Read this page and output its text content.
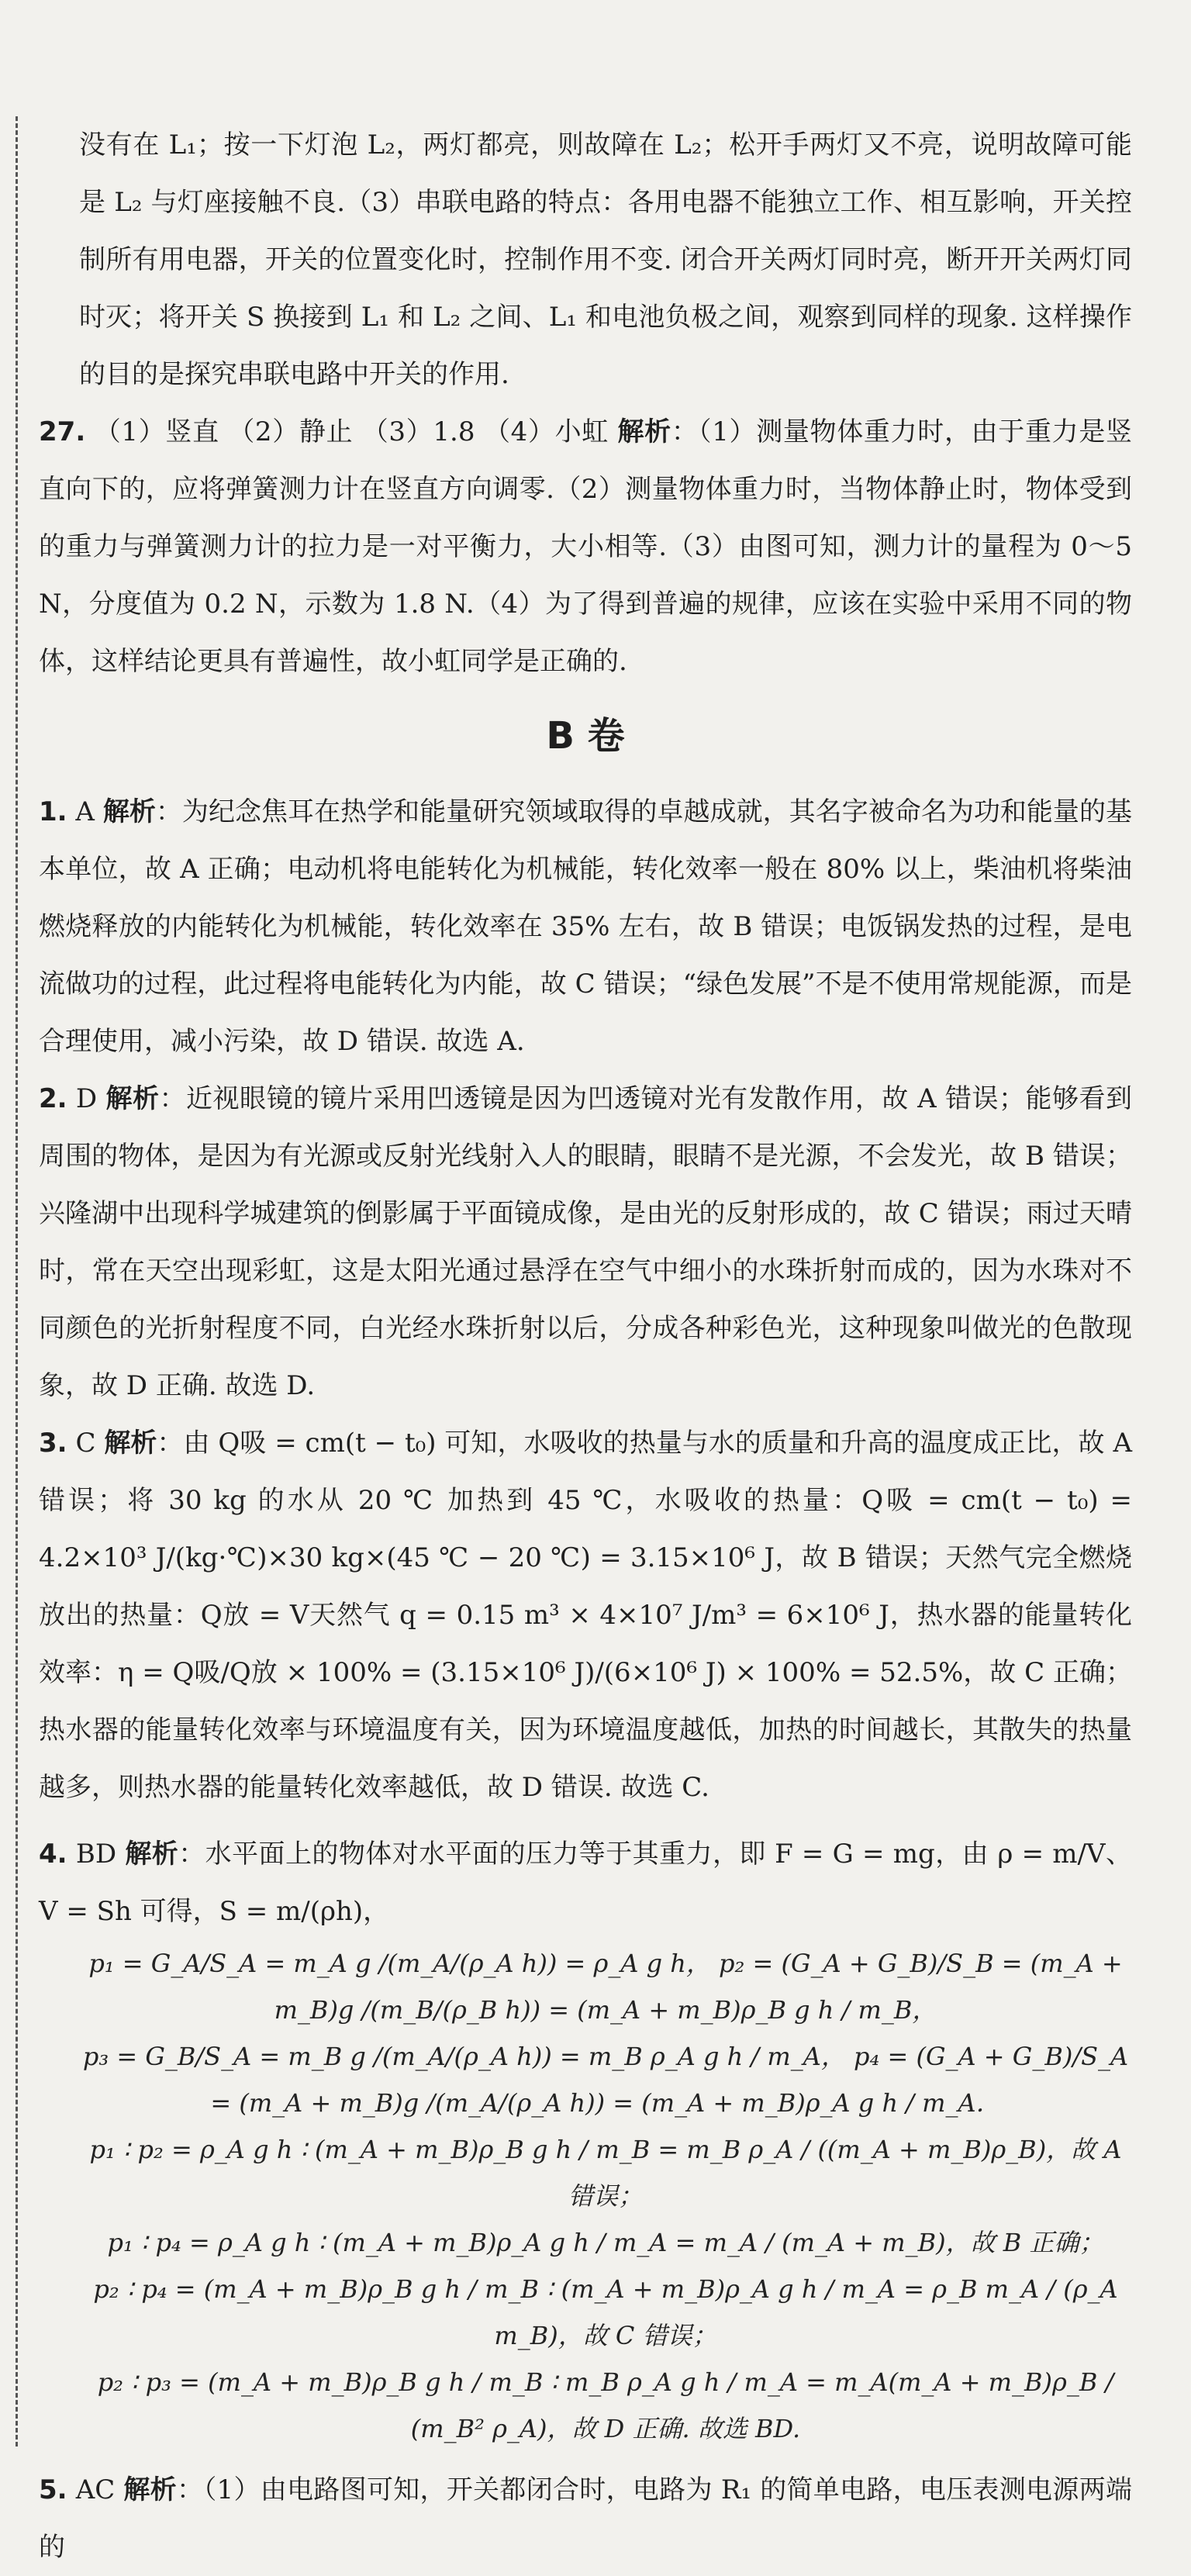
没有在 L₁；按一下灯泡 L₂，两灯都亮，则故障在 L₂；松开手两灯又不亮，说明故障可能是 L₂ 与灯座接触不良.（3）串联电路的特点：各用电器不能独立工作、相互影响，开关控制所有用电器，开关的位置变化时，控制作用不变. 闭合开关两灯同时亮，断开开关两灯同时灭；将开关 S 换接到 L₁ 和 L₂ 之间、L₁ 和电池负极之间，观察到同样的现象. 这样操作的目的是探究串联电路中开关的作用.

27. （1）竖直 （2）静止 （3）1.8 （4）小虹 解析：（1）测量物体重力时，由于重力是竖直向下的，应将弹簧测力计在竖直方向调零.（2）测量物体重力时，当物体静止时，物体受到的重力与弹簧测力计的拉力是一对平衡力，大小相等.（3）由图可知，测力计的量程为 0～5 N，分度值为 0.2 N，示数为 1.8 N.（4）为了得到普遍的规律，应该在实验中采用不同的物体，这样结论更具有普遍性，故小虹同学是正确的.

B 卷

1. A 解析：为纪念焦耳在热学和能量研究领域取得的卓越成就，其名字被命名为功和能量的基本单位，故 A 正确；电动机将电能转化为机械能，转化效率一般在 80% 以上，柴油机将柴油燃烧释放的内能转化为机械能，转化效率在 35% 左右，故 B 错误；电饭锅发热的过程，是电流做功的过程，此过程将电能转化为内能，故 C 错误；“绿色发展”不是不使用常规能源，而是合理使用，减小污染，故 D 错误. 故选 A.

2. D 解析：近视眼镜的镜片采用凹透镜是因为凹透镜对光有发散作用，故 A 错误；能够看到周围的物体，是因为有光源或反射光线射入人的眼睛，眼睛不是光源，不会发光，故 B 错误；兴隆湖中出现科学城建筑的倒影属于平面镜成像，是由光的反射形成的，故 C 错误；雨过天晴时，常在天空出现彩虹，这是太阳光通过悬浮在空气中细小的水珠折射而成的，因为水珠对不同颜色的光折射程度不同，白光经水珠折射以后，分成各种彩色光，这种现象叫做光的色散现象，故 D 正确. 故选 D.

3. C 解析：由 Q吸 = cm(t − t₀) 可知，水吸收的热量与水的质量和升高的温度成正比，故 A 错误；将 30 kg 的水从 20 ℃ 加热到 45 ℃，水吸收的热量：Q吸 = cm(t − t₀) = 4.2×10³ J/(kg·℃)×30 kg×(45 ℃ − 20 ℃) = 3.15×10⁶ J，故 B 错误；天然气完全燃烧放出的热量：Q放 = V天然气 q = 0.15 m³ × 4×10⁷ J/m³ = 6×10⁶ J，热水器的能量转化效率：η = Q吸/Q放 × 100% = (3.15×10⁶ J)/(6×10⁶ J) × 100% = 52.5%，故 C 正确；热水器的能量转化效率与环境温度有关，因为环境温度越低，加热的时间越长，其散失的热量越多，则热水器的能量转化效率越低，故 D 错误. 故选 C.

4. BD 解析：水平面上的物体对水平面的压力等于其重力，即 F = G = mg，由 ρ = m/V、V = Sh 可得，S = m/(ρh)，

p₁ = G_A/S_A = m_A g /(m_A/(ρ_A h)) = ρ_A g h， p₂ = (G_A + G_B)/S_B = (m_A + m_B)g /(m_B/(ρ_B h)) = (m_A + m_B)ρ_B g h / m_B，
p₃ = G_B/S_A = m_B g /(m_A/(ρ_A h)) = m_B ρ_A g h / m_A， p₄ = (G_A + G_B)/S_A = (m_A + m_B)g /(m_A/(ρ_A h)) = (m_A + m_B)ρ_A g h / m_A．
p₁ ∶ p₂ = ρ_A g h ∶ (m_A + m_B)ρ_B g h / m_B = m_B ρ_A / ((m_A + m_B)ρ_B)，故 A 错误；
p₁ ∶ p₄ = ρ_A g h ∶ (m_A + m_B)ρ_A g h / m_A = m_A / (m_A + m_B)，故 B 正确；
p₂ ∶ p₄ = (m_A + m_B)ρ_B g h / m_B ∶ (m_A + m_B)ρ_A g h / m_A = ρ_B m_A / (ρ_A m_B)，故 C 错误；
p₂ ∶ p₃ = (m_A + m_B)ρ_B g h / m_B ∶ m_B ρ_A g h / m_A = m_A(m_A + m_B)ρ_B / (m_B² ρ_A)，故 D 正确. 故选 BD.

5. AC 解析：（1）由电路图可知，开关都闭合时，电路为 R₁ 的简单电路，电压表测电源两端的
